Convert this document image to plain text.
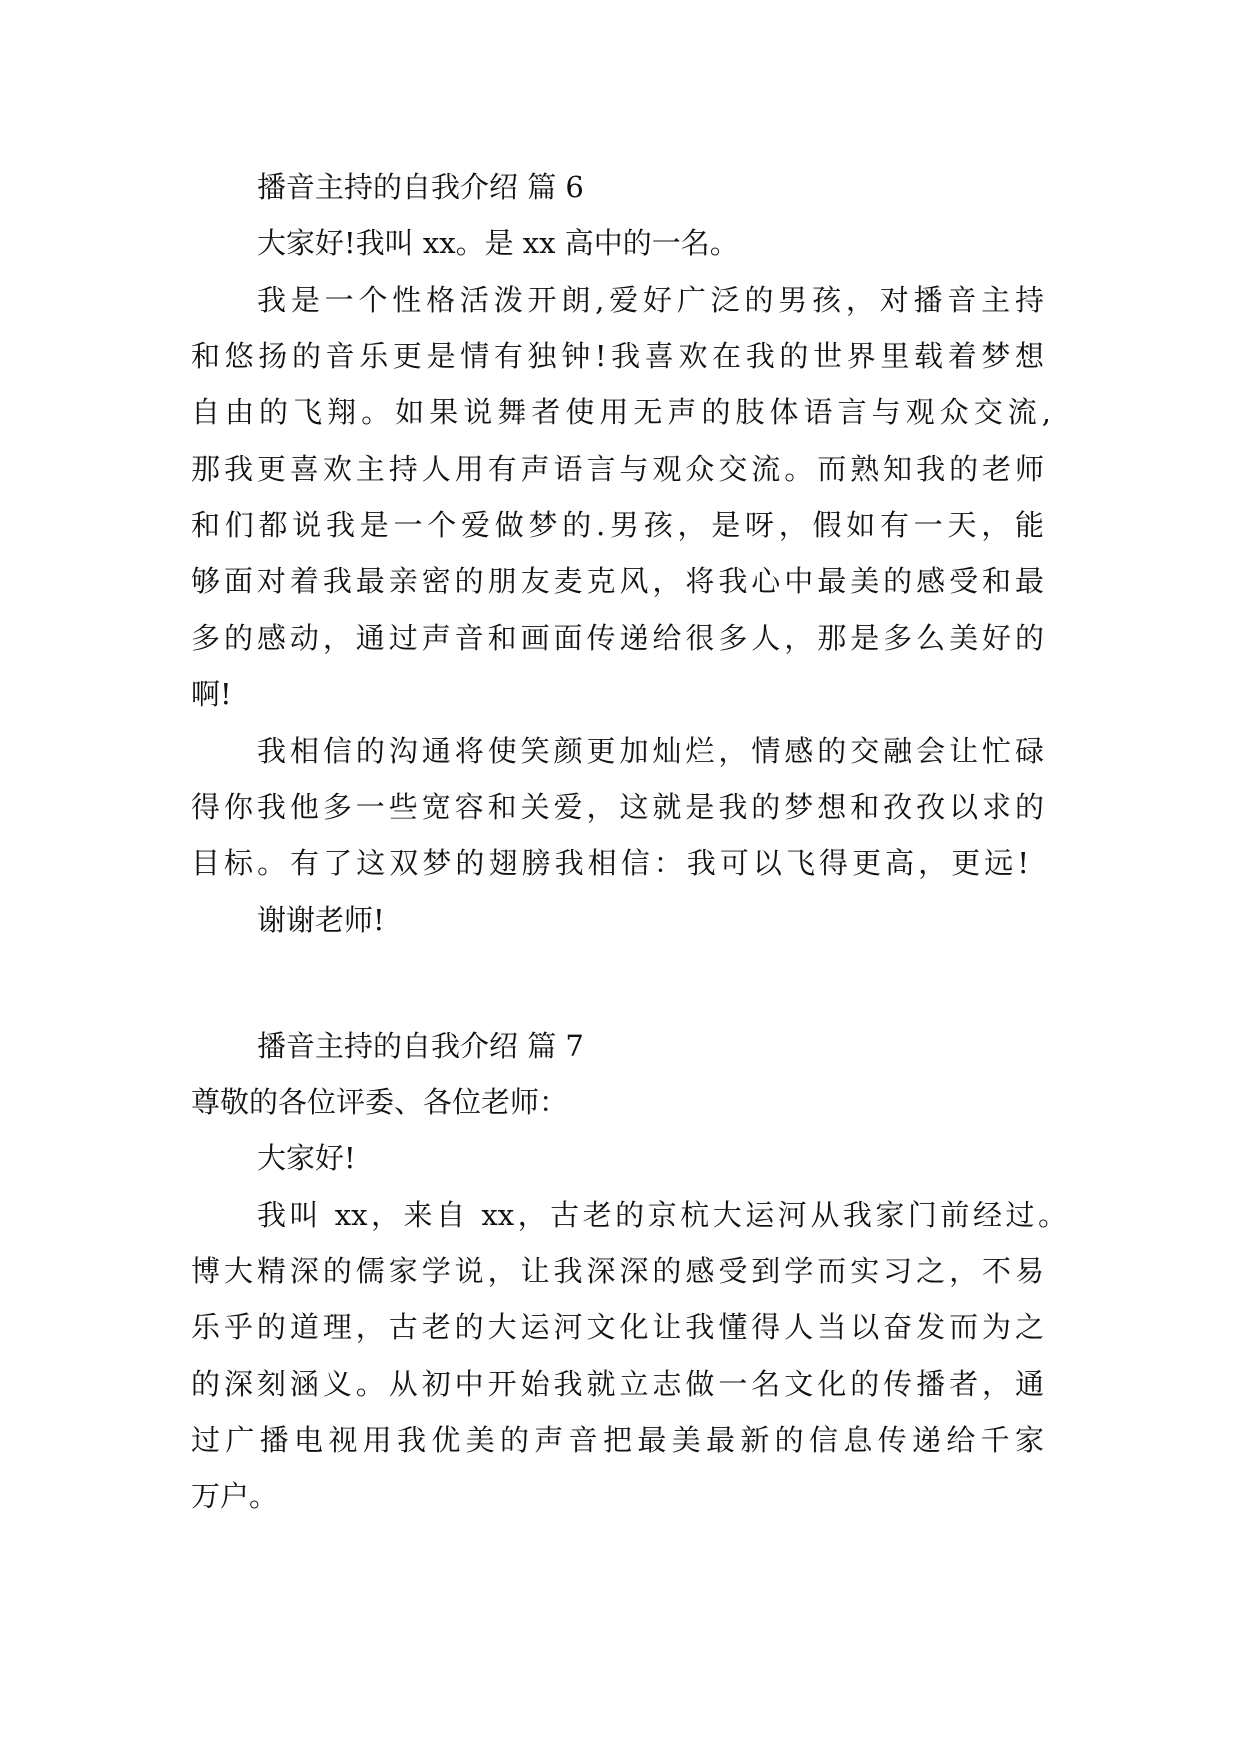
播音主持的自我介绍 篇 6
大家好!我叫 xx。是 xx 高中的一名。
我是一个性格活泼开朗,爱好广泛的男孩，对播音主持
和悠扬的音乐更是情有独钟!我喜欢在我的世界里载着梦想
自由的飞翔。如果说舞者使用无声的肢体语言与观众交流,
那我更喜欢主持人用有声语言与观众交流。而熟知我的老师
和们都说我是一个爱做梦的.男孩，是呀，假如有一天，能
够面对着我最亲密的朋友麦克风，将我心中最美的感受和最
多的感动，通过声音和画面传递给很多人，那是多么美好的
啊!
我相信的沟通将使笑颜更加灿烂，情感的交融会让忙碌
得你我他多一些宽容和关爱，这就是我的梦想和孜孜以求的
目标。有了这双梦的翅膀我相信：我可以飞得更高，更远!
谢谢老师!
播音主持的自我介绍 篇 7
尊敬的各位评委、各位老师：
大家好!
我叫 xx，来自 xx，古老的京杭大运河从我家门前经过。
博大精深的儒家学说，让我深深的感受到学而实习之，不易
乐乎的道理，古老的大运河文化让我懂得人当以奋发而为之
的深刻涵义。从初中开始我就立志做一名文化的传播者，通
过广播电视用我优美的声音把最美最新的信息传递给千家
万户。
